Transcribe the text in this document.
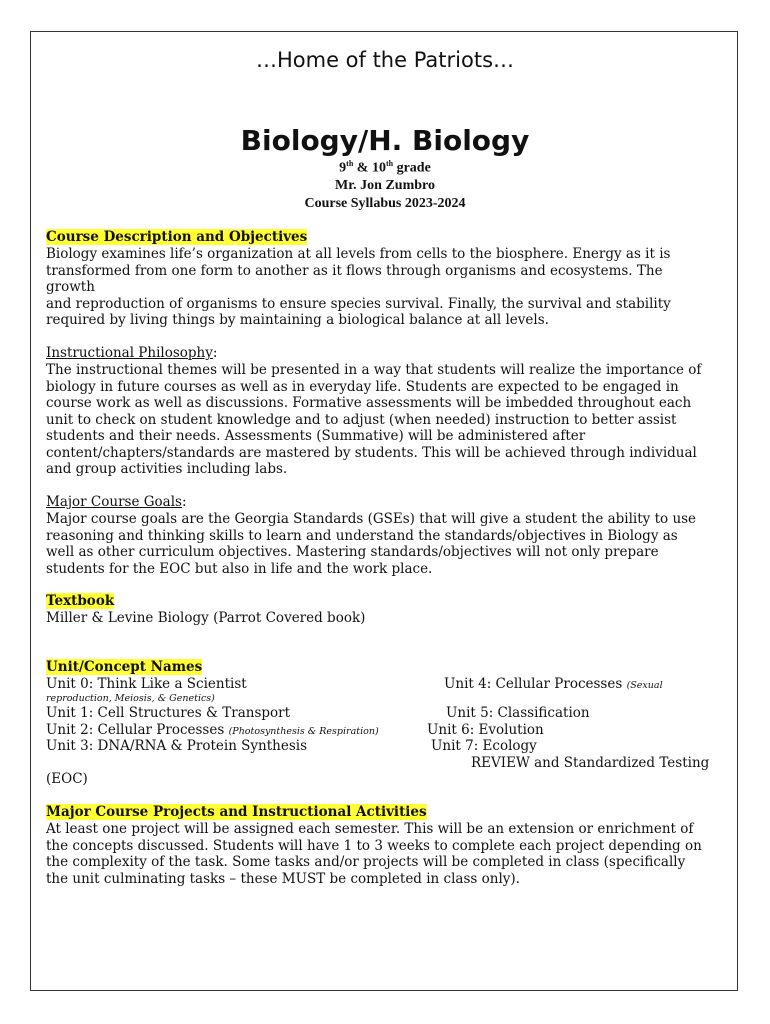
…Home of the Patriots…
Biology/H. Biology
9th & 10th grade
Mr. Jon Zumbro
Course Syllabus 2023-2024
Course Description and Objectives
Biology examines life’s organization at all levels from cells to the biosphere. Energy as it is
transformed from one form to another as it flows through organisms and ecosystems. The
growth
and reproduction of organisms to ensure species survival. Finally, the survival and stability
required by living things by maintaining a biological balance at all levels.
Instructional Philosophy:
The instructional themes will be presented in a way that students will realize the importance of
biology in future courses as well as in everyday life. Students are expected to be engaged in
course work as well as discussions. Formative assessments will be imbedded throughout each
unit to check on student knowledge and to adjust (when needed) instruction to better assist
students and their needs. Assessments (Summative) will be administered after
content/chapters/standards are mastered by students. This will be achieved through individual
and group activities including labs.
Major Course Goals:
Major course goals are the Georgia Standards (GSEs) that will give a student the ability to use
reasoning and thinking skills to learn and understand the standards/objectives in Biology as
well as other curriculum objectives. Mastering standards/objectives will not only prepare
students for the EOC but also in life and the work place.
Textbook
Miller & Levine Biology (Parrot Covered book)
Unit/Concept Names
Unit 0: Think Like a Scientist	Unit 4: Cellular Processes (Sexual
reproduction, Meiosis, & Genetics)
Unit 1: Cell Structures & Transport	Unit 5: Classification
Unit 2: Cellular Processes (Photosynthesis & Respiration)	Unit 6: Evolution
Unit 3: DNA/RNA & Protein Synthesis	Unit 7: Ecology
REVIEW and Standardized Testing
(EOC)
Major Course Projects and Instructional Activities
At least one project will be assigned each semester. This will be an extension or enrichment of
the concepts discussed. Students will have 1 to 3 weeks to complete each project depending on
the complexity of the task. Some tasks and/or projects will be completed in class (specifically
the unit culminating tasks – these MUST be completed in class only).
